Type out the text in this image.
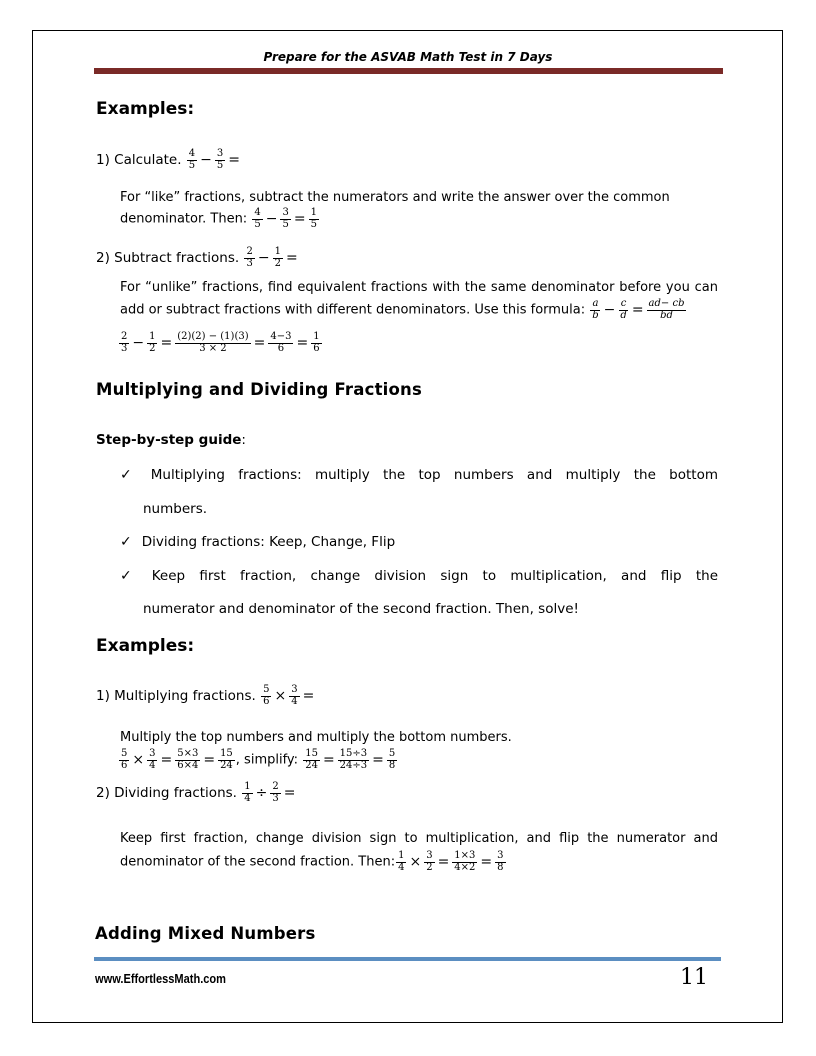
Prepare for the ASVAB Math Test in 7 Days
Examples:
1) Calculate. $\frac{4}{5} - \frac{3}{5}$ =
For “like” fractions, subtract the numerators and write the answer over the common
denominator. Then: $\frac{4}{5} - \frac{3}{5} = \frac{1}{5}$
2) Subtract fractions. $\frac{2}{3} - \frac{1}{2}$ =
For “unlike” fractions, find equivalent fractions with the same denominator before you can
add or subtract fractions with different denominators. Use this formula: $\frac{a}{b} - \frac{c}{d} = \frac{ad- cb}{bd}$
$\frac{2}{3} - \frac{1}{2} = \frac{(2)(2) - (1)(3)}{3 \times 2} = \frac{4-3}{6} = \frac{1}{6}$
Multiplying and Dividing Fractions
Step-by-step guide:
✓ Multiplying fractions: multiply the top numbers and multiply the bottom
numbers.
✓ Dividing fractions: Keep, Change, Flip
✓ Keep first fraction, change division sign to multiplication, and flip the
numerator and denominator of the second fraction. Then, solve!
Examples:
1) Multiplying fractions. $\frac{5}{6} \times \frac{3}{4}$ =
Multiply the top numbers and multiply the bottom numbers.
$\frac{5}{6} \times \frac{3}{4} = \frac{5\times 3}{6\times 4} = \frac{15}{24}$ , simplify: $\frac{15}{24} = \frac{15\div 3}{24\div 3} = \frac{5}{8}$
2) Dividing fractions. $\frac{1}{4} \div \frac{2}{3}$ =
Keep first fraction, change division sign to multiplication, and flip the numerator and
denominator of the second fraction. Then: $\frac{1}{4} \times \frac{3}{2} = \frac{1\times 3}{4\times 2} = \frac{3}{8}$
Adding Mixed Numbers
www.EffortlessMath.com	11
